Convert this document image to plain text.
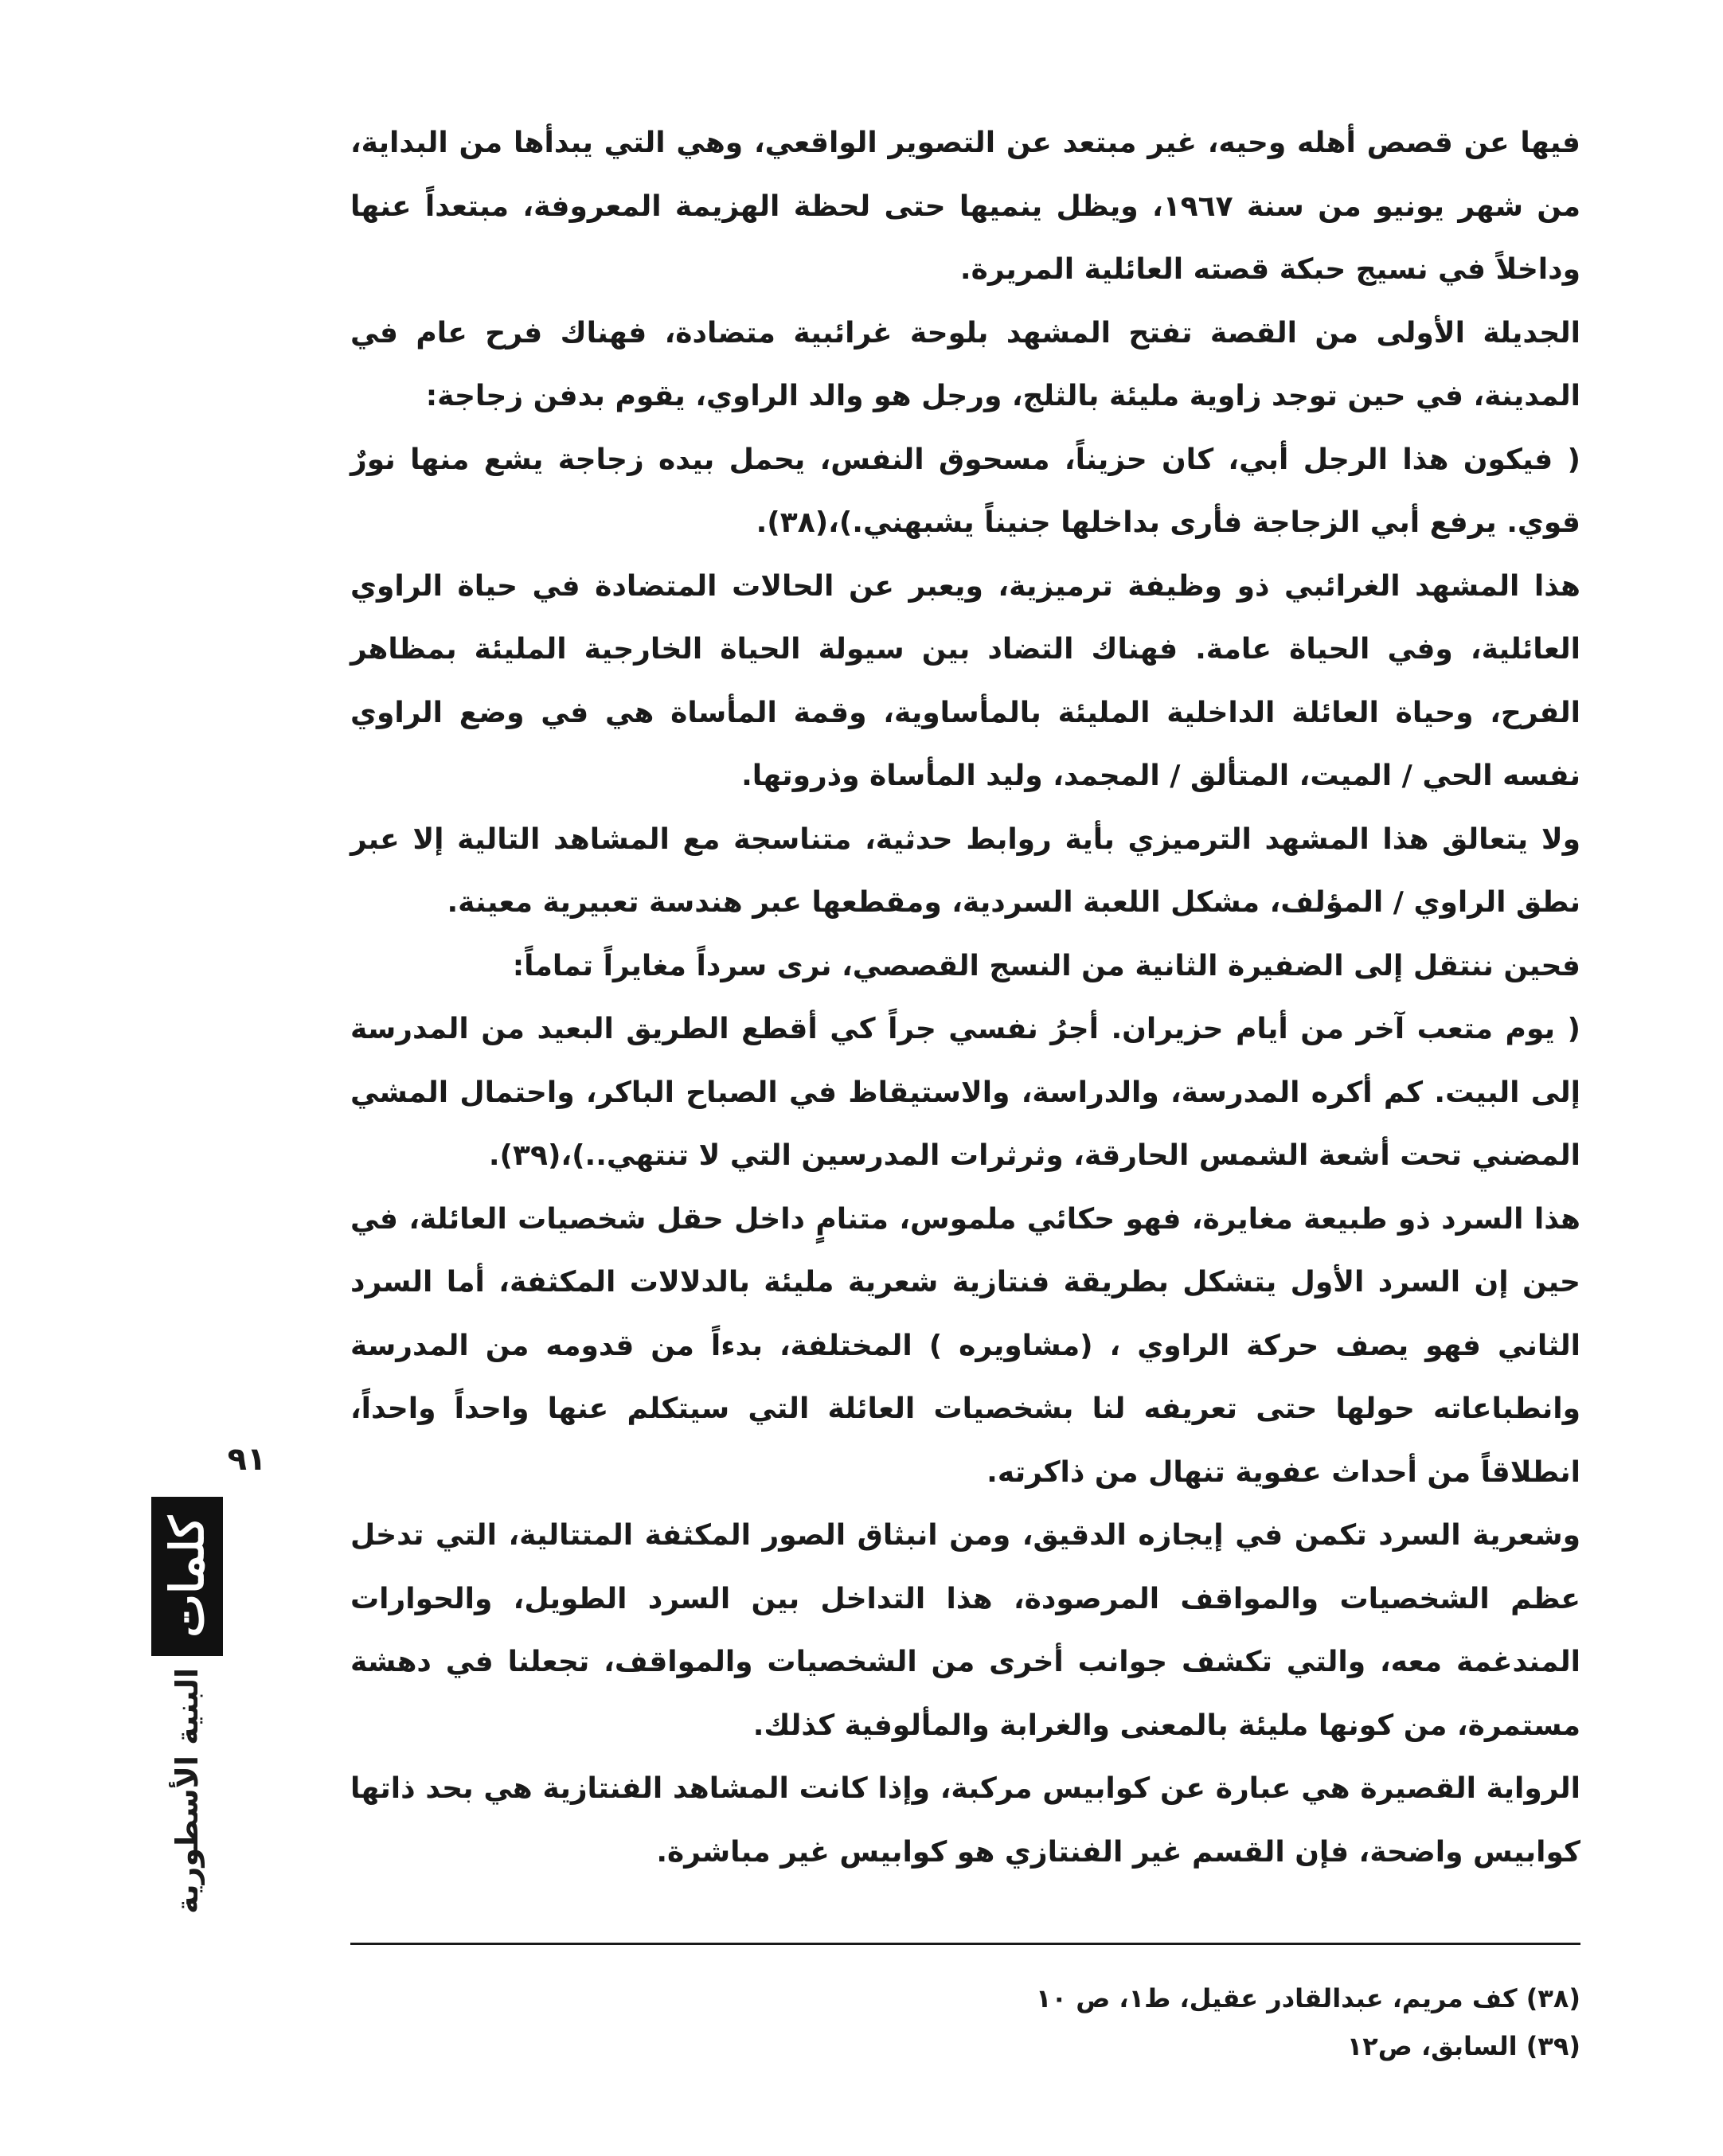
فيها عن قصص أهله وحيه، غير مبتعد عن التصوير الواقعي، وهي التي يبدأها من البداية، من شهر يونيو من سنة ١٩٦٧، ويظل ينميها حتى لحظة الهزيمة المعروفة، مبتعداً عنها وداخلاً في نسيج حبكة قصته العائلية المريرة.

الجديلة الأولى من القصة تفتح المشهد بلوحة غرائبية متضادة، فهناك فرح عام في المدينة، في حين توجد زاوية مليئة بالثلج، ورجل هو والد الراوي، يقوم بدفن زجاجة:

( فيكون هذا الرجل أبي، كان حزيناً، مسحوق النفس، يحمل بيده زجاجة يشع منها نورٌ قوي. يرفع أبي الزجاجة فأرى بداخلها جنيناً يشبهني.)،(٣٨).

هذا المشهد الغرائبي ذو وظيفة ترميزية، ويعبر عن الحالات المتضادة في حياة الراوي العائلية، وفي الحياة عامة. فهناك التضاد بين سيولة الحياة الخارجية المليئة بمظاهر الفرح، وحياة العائلة الداخلية المليئة بالمأساوية، وقمة المأساة هي في وضع الراوي نفسه الحي / الميت، المتألق / المجمد، وليد المأساة وذروتها.

ولا يتعالق هذا المشهد الترميزي بأية روابط حدثية، متناسجة مع المشاهد التالية إلا عبر نطق الراوي / المؤلف، مشكل اللعبة السردية، ومقطعها عبر هندسة تعبيرية معينة.

فحين ننتقل إلى الضفيرة الثانية من النسج القصصي، نرى سرداً مغايراً تماماً:

( يوم متعب آخر من أيام حزيران. أجرُ نفسي جراً كي أقطع الطريق البعيد من المدرسة إلى البيت. كم أكره المدرسة، والدراسة، والاستيقاظ في الصباح الباكر، واحتمال المشي المضني تحت أشعة الشمس الحارقة، وثرثرات المدرسين التي لا تنتهي..)،(٣٩).

هذا السرد ذو طبيعة مغايرة، فهو حكائي ملموس، متنامٍ داخل حقل شخصيات العائلة، في حين إن السرد الأول يتشكل بطريقة فنتازية شعرية مليئة بالدلالات المكثفة، أما السرد الثاني فهو يصف حركة الراوي ، (مشاويره ) المختلفة، بدءاً من قدومه من المدرسة وانطباعاته حولها حتى تعريفه لنا بشخصيات العائلة التي سيتكلم عنها واحداً واحداً، انطلاقاً من أحداث عفوية تنهال من ذاكرته.

وشعرية السرد تكمن في إيجازه الدقيق، ومن انبثاق الصور المكثفة المتتالية، التي تدخل عظم الشخصيات والمواقف المرصودة، هذا التداخل بين السرد الطويل، والحوارات المندغمة معه، والتي تكشف جوانب أخرى من الشخصيات والمواقف، تجعلنا في دهشة مستمرة، من كونها مليئة بالمعنى والغرابة والمألوفية كذلك.

الرواية القصيرة هي عبارة عن كوابيس مركبة، وإذا كانت المشاهد الفنتازية هي بحد ذاتها كوابيس واضحة، فإن القسم غير الفنتازي هو كوابيس غير مباشرة.

(٣٨) كف مريم، عبدالقادر عقيل، ط١، ص ١٠

(٣٩) السابق، ص١٢

٩١
كلمات
البنية الأسطورية
